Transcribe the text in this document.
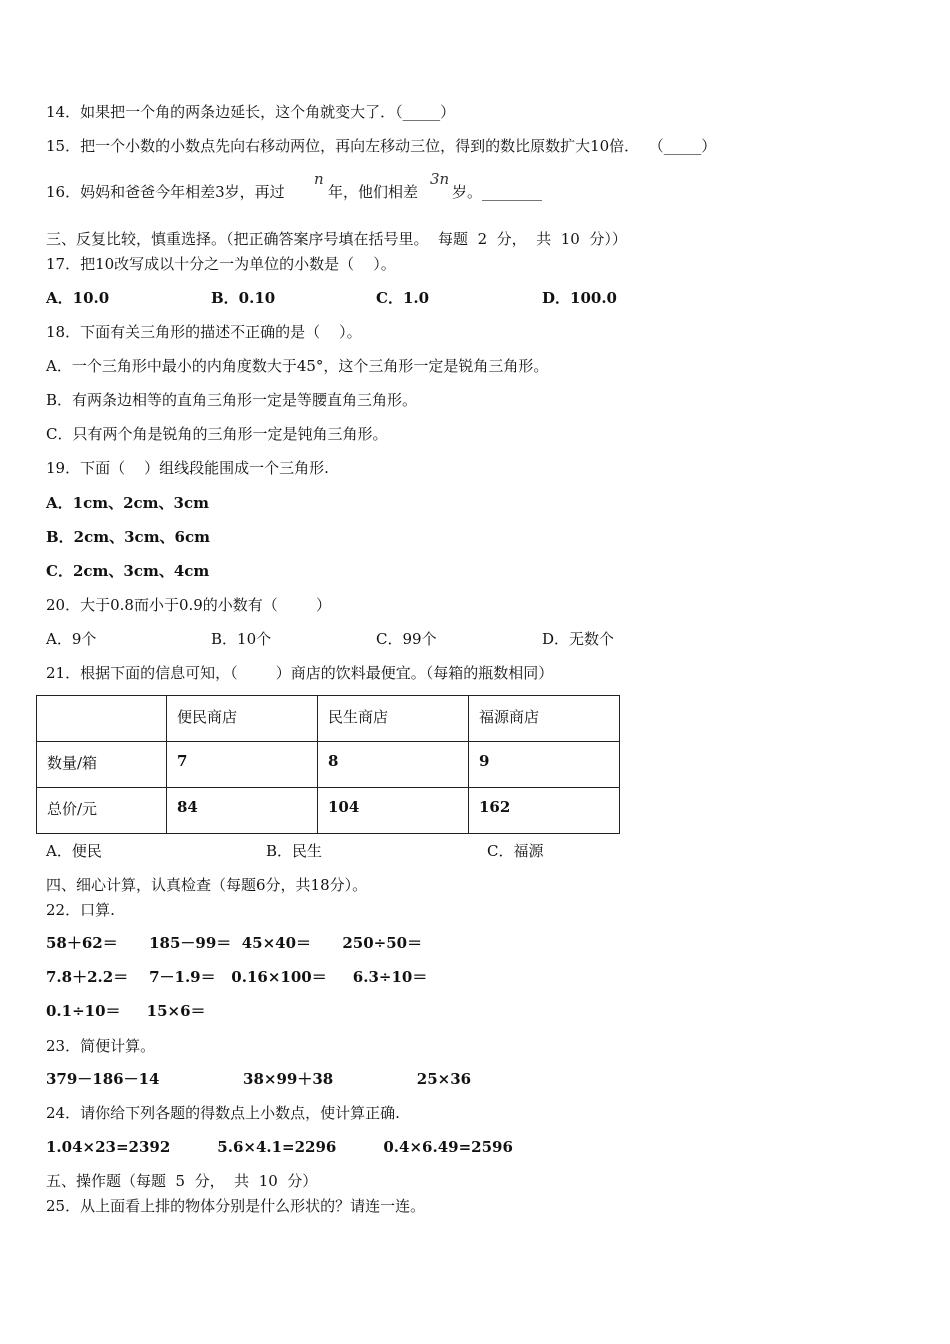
14．如果把一个角的两条边延长，这个角就变大了．（_____）
15．把一个小数的小数点先向右移动两位，再向左移动三位，得到的数比原数扩大10倍．  （_____）
16．妈妈和爸爸今年相差3岁，再过
n
年，他们相差
3n
岁。________
三、反复比较，慎重选择。（把正确答案序号填在括号里。  每题  2  分，  共  10  分））
17．把10改写成以十分之一为单位的小数是（    ）。
A．10.0	B．0.10	C．1.0	D．100.0
18．下面有关三角形的描述不正确的是（    ）。
A．一个三角形中最小的内角度数大于45°，这个三角形一定是锐角三角形。
B．有两条边相等的直角三角形一定是等腰直角三角形。
C．只有两个角是锐角的三角形一定是钝角三角形。
19．下面（    ）组线段能围成一个三角形.
A．1cm、2cm、3cm
B．2cm、3cm、6cm
C．2cm、3cm、4cm
20．大于0.8而小于0.9的小数有（        ）
A．9个	B．10个	C．99个	D．无数个
21．根据下面的信息可知，（        ）商店的饮料最便宜。（每箱的瓶数相同）
	便民商店	民生商店	福源商店
数量/箱	7	8	9
总价/元	84	104	162
A．便民	B．民生	C．福源
四、细心计算，认真检查（每题6分，共18分）。
22．口算.
58＋62＝      185－99＝  45×40＝      250÷50＝
7.8＋2.2＝    7－1.9＝   0.16×100＝     6.3÷10＝
0.1÷10＝     15×6＝
23．简便计算。
379－186－14                38×99＋38                25×36
24．请你给下列各题的得数点上小数点，使计算正确.
1.04×23=2392         5.6×4.1=2296         0.4×6.49=2596
五、操作题（每题  5  分，  共  10  分）
25．从上面看上排的物体分别是什么形状的？请连一连。
